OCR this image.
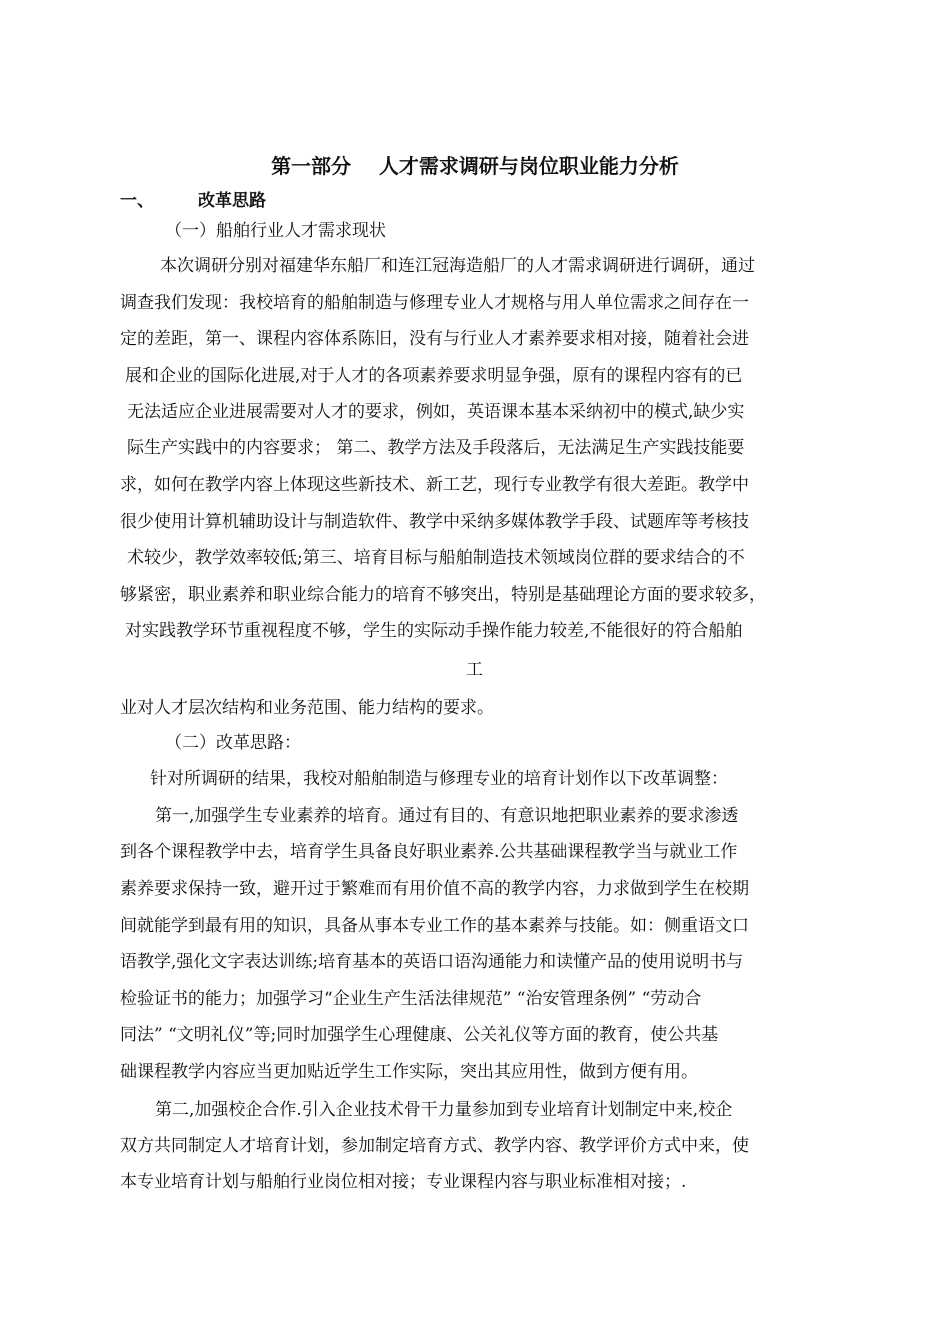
第一部分    人才需求调研与岗位职业能力分析
一、	改革思路
（一）船舶行业人才需求现状
本次调研分别对福建华东船厂和连江冠海造船厂的人才需求调研进行调研，通过
调查我们发现：我校培育的船舶制造与修理专业人才规格与用人单位需求之间存在一
定的差距，第一、课程内容体系陈旧，没有与行业人才素养要求相对接，随着社会进
展和企业的国际化进展,对于人才的各项素养要求明显争强，原有的课程内容有的已
无法适应企业进展需要对人才的要求，例如，英语课本基本采纳初中的模式,缺少实
际生产实践中的内容要求； 第二、教学方法及手段落后，无法满足生产实践技能要
求，如何在教学内容上体现这些新技术、新工艺，现行专业教学有很大差距。教学中
很少使用计算机辅助设计与制造软件、教学中采纳多媒体教学手段、试题库等考核技
术较少，教学效率较低;第三、培育目标与船舶制造技术领域岗位群的要求结合的不
够紧密，职业素养和职业综合能力的培育不够突出，特别是基础理论方面的要求较多，
对实践教学环节重视程度不够，学生的实际动手操作能力较差,不能很好的符合船舶
工
业对人才层次结构和业务范围、能力结构的要求。
（二）改革思路：
针对所调研的结果，我校对船舶制造与修理专业的培育计划作以下改革调整：
第一,加强学生专业素养的培育。通过有目的、有意识地把职业素养的要求渗透
到各个课程教学中去，培育学生具备良好职业素养.公共基础课程教学当与就业工作
素养要求保持一致，避开过于繁难而有用价值不高的教学内容，力求做到学生在校期
间就能学到最有用的知识，具备从事本专业工作的基本素养与技能。如：侧重语文口
语教学,强化文字表达训练;培育基本的英语口语沟通能力和读懂产品的使用说明书与
检验证书的能力；加强学习“企业生产生活法律规范” “治安管理条例” “劳动合
同法” “文明礼仪”等;同时加强学生心理健康、公关礼仪等方面的教育，使公共基
础课程教学内容应当更加贴近学生工作实际，突出其应用性，做到方便有用。
第二,加强校企合作.引入企业技术骨干力量参加到专业培育计划制定中来,校企
双方共同制定人才培育计划，参加制定培育方式、教学内容、教学评价方式中来，使
本专业培育计划与船舶行业岗位相对接；专业课程内容与职业标准相对接；.
